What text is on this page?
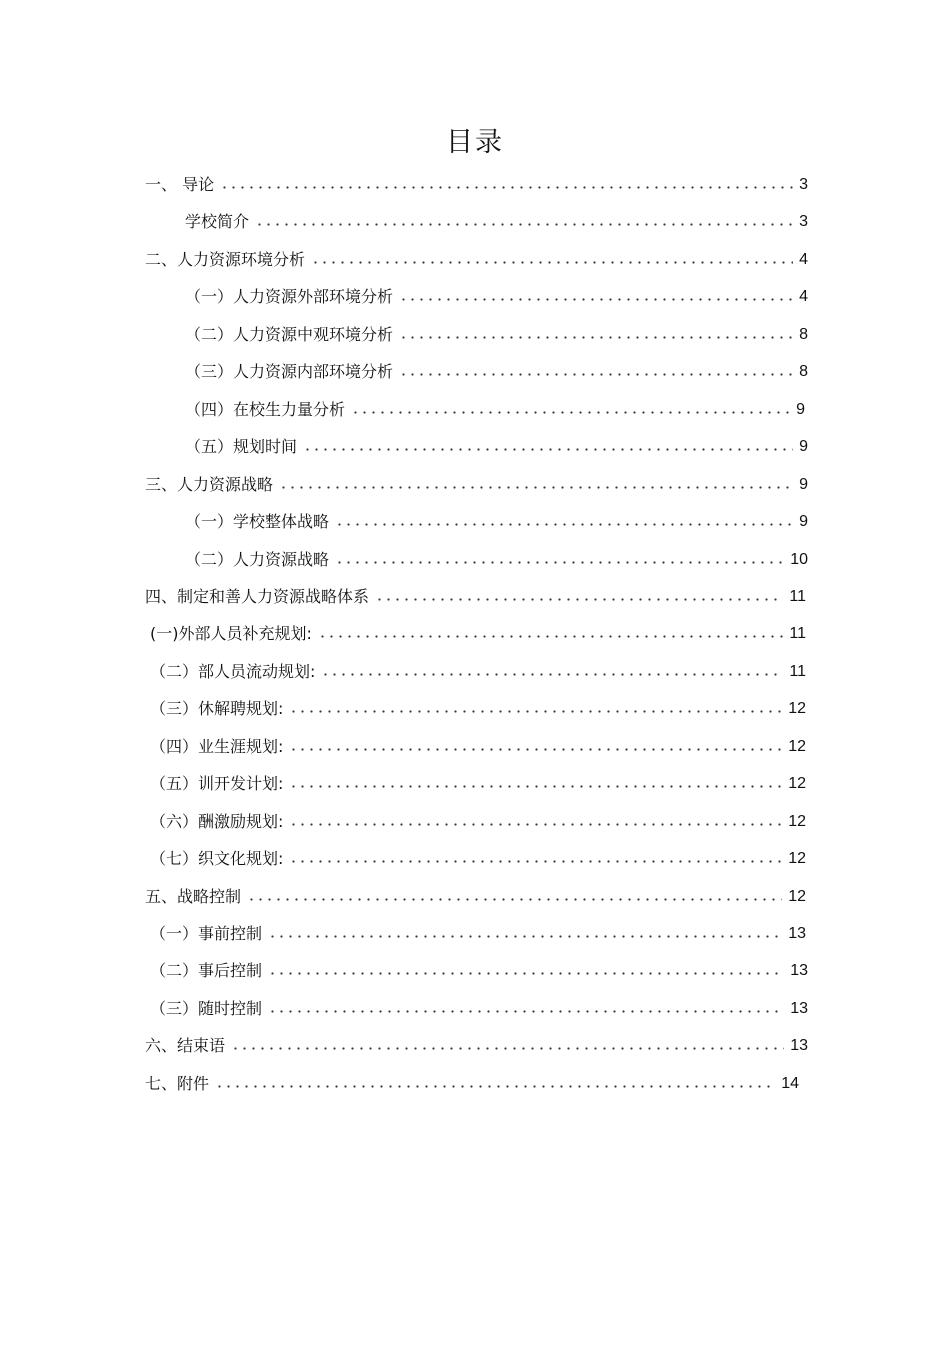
目录
一、 导论	3
学校简介	3
二、人力资源环境分析	4
（一）人力资源外部环境分析	4
（二）人力资源中观环境分析	8
（三）人力资源内部环境分析	8
（四）在校生力量分析	9
（五）规划时间	9
三、人力资源战略	9
（一）学校整体战略	9
（二）人力资源战略	10
四、制定和善人力资源战略体系	11
(一)外部人员补充规划:	11
（二）部人员流动规划:	11
（三）休解聘规划:	12
（四）业生涯规划:	12
（五）训开发计划:	12
（六）酬激励规划:	12
（七）织文化规划:	12
五、战略控制	12
（一）事前控制	13
（二）事后控制	13
（三）随时控制	13
六、结束语	13
七、附件	14
